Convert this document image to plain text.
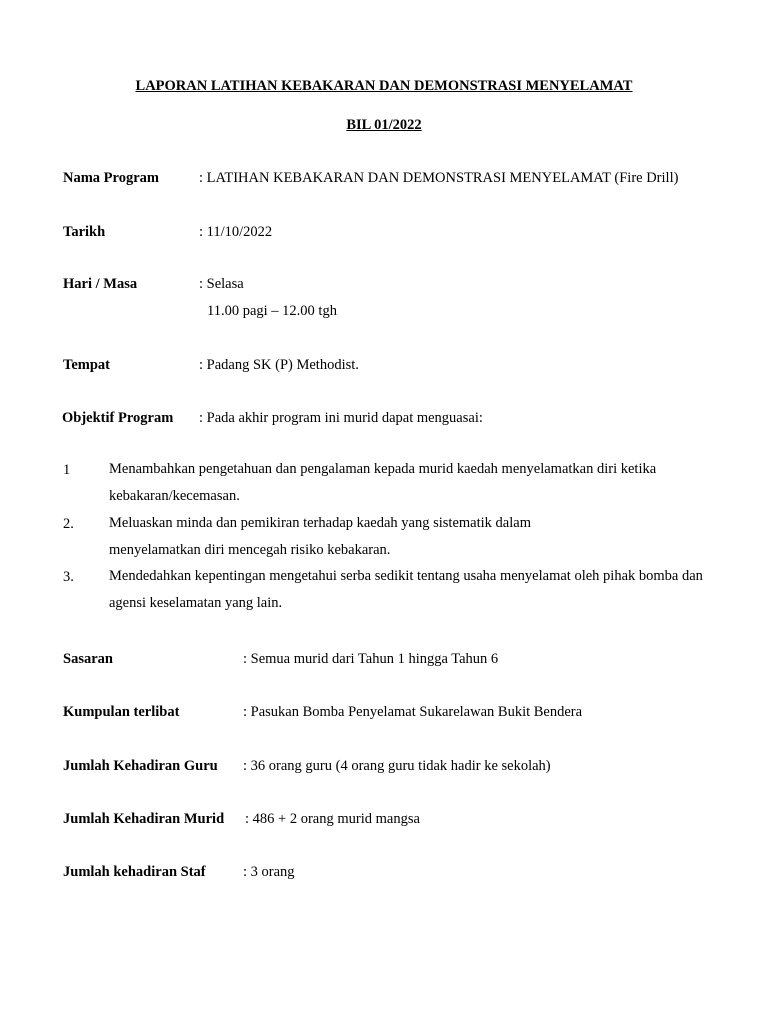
LAPORAN LATIHAN KEBAKARAN DAN DEMONSTRASI MENYELAMAT
BIL 01/2022
Nama Program	: LATIHAN KEBAKARAN DAN DEMONSTRASI MENYELAMAT (Fire Drill)
Tarikh	: 11/10/2022
Hari / Masa	: Selasa
11.00 pagi – 12.00 tgh
Tempat	: Padang SK (P) Methodist.
Objektif Program : Pada akhir program ini murid dapat menguasai:
1	Menambahkan pengetahuan dan pengalaman kepada murid kaedah menyelamatkan diri ketika kebakaran/kecemasan.
2. Meluaskan minda dan pemikiran terhadap kaedah yang sistematik dalam menyelamatkan diri mencegah risiko kebakaran.
3. Mendedahkan kepentingan mengetahui serba sedikit tentang usaha menyelamat oleh pihak bomba dan agensi keselamatan yang lain.
Sasaran	: Semua murid dari Tahun 1 hingga Tahun 6
Kumpulan terlibat	: Pasukan Bomba Penyelamat Sukarelawan Bukit Bendera
Jumlah Kehadiran Guru : 36 orang guru (4 orang guru tidak hadir ke sekolah)
Jumlah Kehadiran Murid : 486 + 2 orang murid mangsa
Jumlah kehadiran Staf	: 3 orang
